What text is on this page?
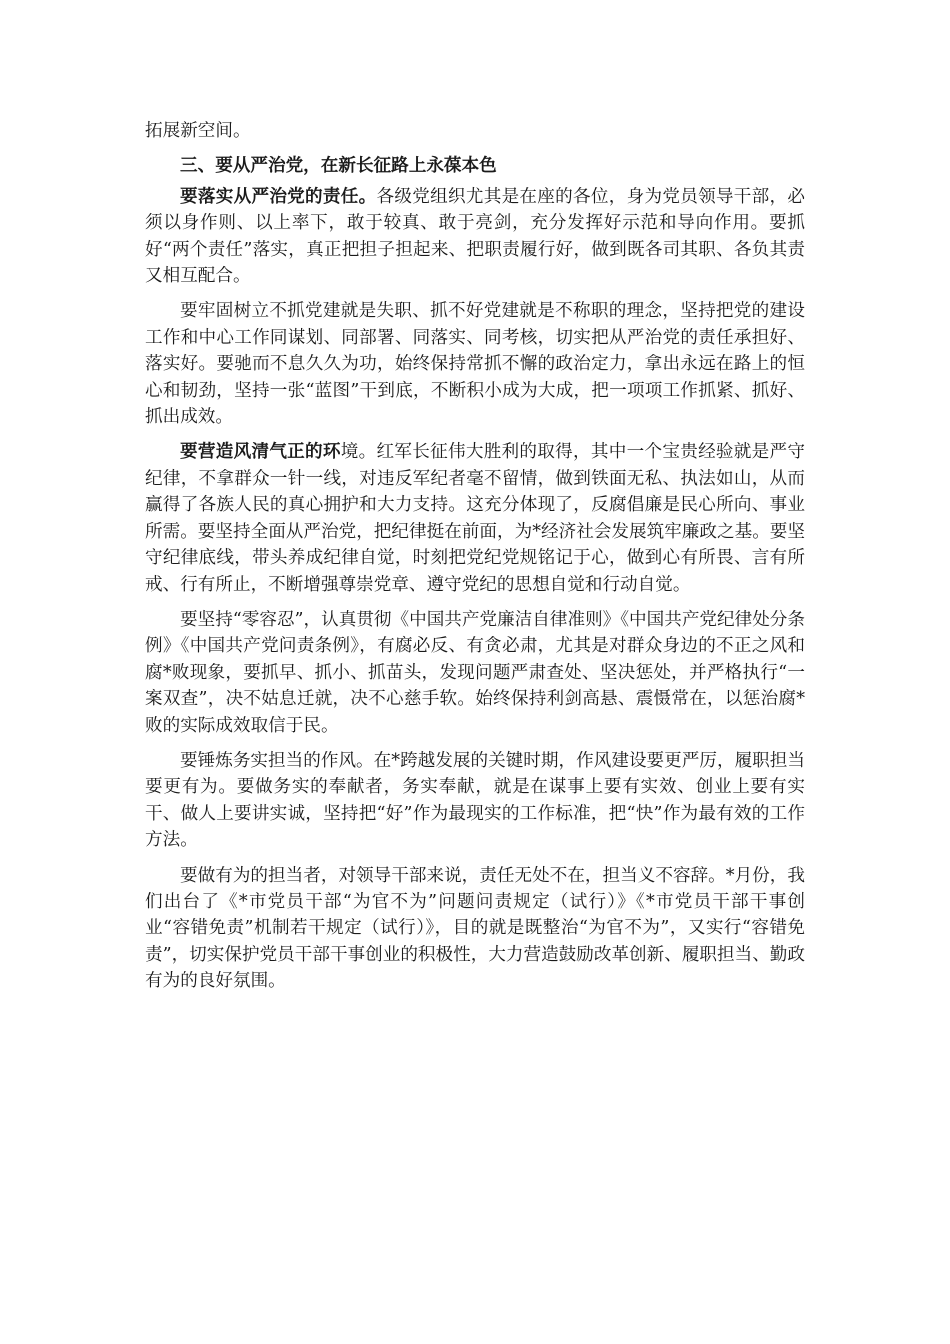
拓展新空间。

三、要从严治党，在新长征路上永葆本色

要落实从严治党的责任。各级党组织尤其是在座的各位，身为党员领导干部，必须以身作则、以上率下，敢于较真、敢于亮剑，充分发挥好示范和导向作用。要抓好“两个责任”落实，真正把担子担起来、把职责履行好，做到既各司其职、各负其责又相互配合。

要牢固树立不抓党建就是失职、抓不好党建就是不称职的理念，坚持把党的建设工作和中心工作同谋划、同部署、同落实、同考核，切实把从严治党的责任承担好、落实好。要驰而不息久久为功，始终保持常抓不懈的政治定力，拿出永远在路上的恒心和韧劲，坚持一张“蓝图”干到底，不断积小成为大成，把一项项工作抓紧、抓好、抓出成效。

要营造风清气正的环境。红军长征伟大胜利的取得，其中一个宝贵经验就是严守纪律，不拿群众一针一线，对违反军纪者毫不留情，做到铁面无私、执法如山，从而赢得了各族人民的真心拥护和大力支持。这充分体现了，反腐倡廉是民心所向、事业所需。要坚持全面从严治党，把纪律挺在前面，为*经济社会发展筑牢廉政之基。要坚守纪律底线，带头养成纪律自觉，时刻把党纪党规铭记于心，做到心有所畏、言有所戒、行有所止，不断增强尊崇党章、遵守党纪的思想自觉和行动自觉。

要坚持“零容忍”，认真贯彻《中国共产党廉洁自律准则》《中国共产党纪律处分条例》《中国共产党问责条例》，有腐必反、有贪必肃，尤其是对群众身边的不正之风和腐*败现象，要抓早、抓小、抓苗头，发现问题严肃查处、坚决惩处，并严格执行“一案双查”，决不姑息迁就，决不心慈手软。始终保持利剑高悬、震慑常在，以惩治腐*败的实际成效取信于民。

要锤炼务实担当的作风。在*跨越发展的关键时期，作风建设要更严厉，履职担当要更有为。要做务实的奉献者，务实奉献，就是在谋事上要有实效、创业上要有实干、做人上要讲实诚，坚持把“好”作为最现实的工作标准，把“快”作为最有效的工作方法。

要做有为的担当者，对领导干部来说，责任无处不在，担当义不容辞。*月份，我们出台了《*市党员干部“为官不为”问题问责规定（试行）》《*市党员干部干事创业“容错免责”机制若干规定（试行）》，目的就是既整治“为官不为”，又实行“容错免责”，切实保护党员干部干事创业的积极性，大力营造鼓励改革创新、履职担当、勤政有为的良好氛围。
